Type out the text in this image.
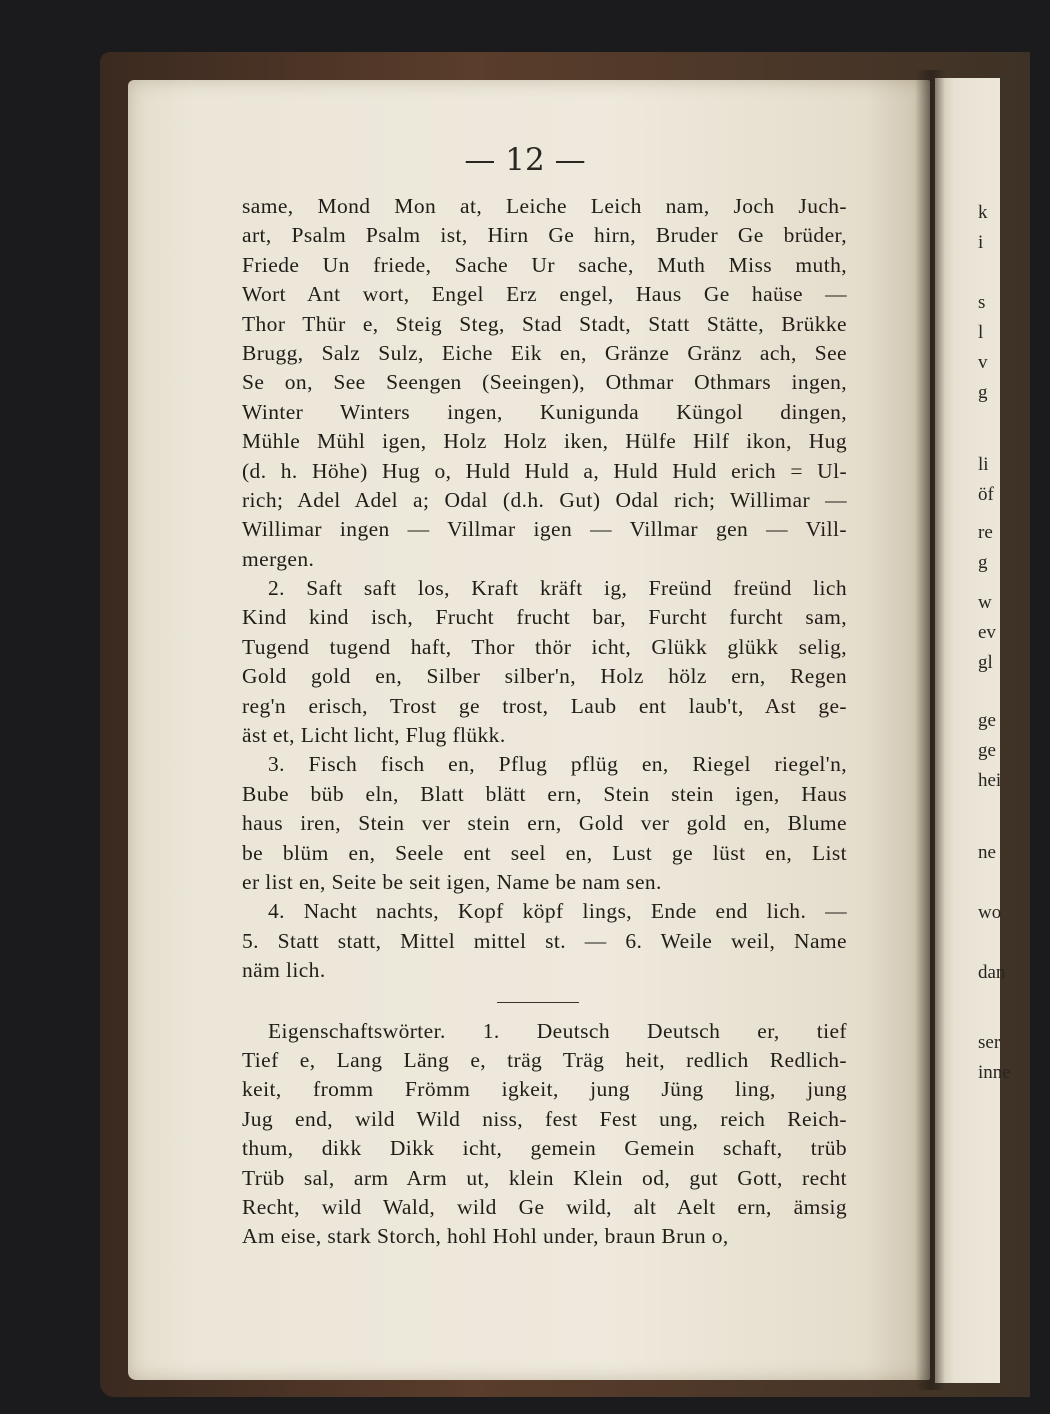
— 12 —
same, Mond Mon at, Leiche Leich nam, Joch Juch-
art, Psalm Psalm ist, Hirn Ge hirn, Bruder Ge brüder,
Friede Un friede, Sache Ur sache, Muth Miss muth,
Wort Ant wort, Engel Erz engel, Haus Ge haüse —
Thor Thür e, Steig Steg, Stad Stadt, Statt Stätte, Brükke
Brugg, Salz Sulz, Eiche Eik en, Gränze Gränz ach, See
Se on, See Seengen (Seeingen), Othmar Othmars ingen,
Winter Winters ingen, Kunigunda Küngol dingen,
Mühle Mühl igen, Holz Holz iken, Hülfe Hilf ikon, Hug
(d. h. Höhe) Hug o, Huld Huld a, Huld Huld erich = Ul-
rich; Adel Adel a; Odal (d.h. Gut) Odal rich; Willimar —
Willimar ingen — Villmar igen — Villmar gen — Vill-
mergen.
2. Saft saft los, Kraft kräft ig, Freünd freünd lich
Kind kind isch, Frucht frucht bar, Furcht furcht sam,
Tugend tugend haft, Thor thör icht, Glükk glükk selig,
Gold gold en, Silber silber'n, Holz hölz ern, Regen
reg'n erisch, Trost ge trost, Laub ent laub't, Ast ge-
äst et, Licht licht, Flug flükk.
3. Fisch fisch en, Pflug pflüg en, Riegel riegel'n,
Bube büb eln, Blatt blätt ern, Stein stein igen, Haus
haus iren, Stein ver stein ern, Gold ver gold en, Blume
be blüm en, Seele ent seel en, Lust ge lüst en, List
er list en, Seite be seit igen, Name be nam sen.
4. Nacht nachts, Kopf köpf lings, Ende end lich. —
5. Statt statt, Mittel mittel st. — 6. Weile weil, Name
näm lich.
Eigenschaftswörter. 1. Deutsch Deutsch er, tief
Tief e, Lang Läng e, träg Träg heit, redlich Redlich-
keit, fromm Frömm igkeit, jung Jüng ling, jung
Jug end, wild Wild niss, fest Fest ung, reich Reich-
thum, dikk Dikk icht, gemein Gemein schaft, trüb
Trüb sal, arm Arm ut, klein Klein od, gut Gott, recht
Recht, wild Wald, wild Ge wild, alt Aelt ern, ämsig
Am eise, stark Storch, hohl Hohl under, braun Brun o,
k
i
s
l
v
g
li
öf
re
g
w
ev
gl
ge
ge
hei
ne
wo
dan
ser
inne
